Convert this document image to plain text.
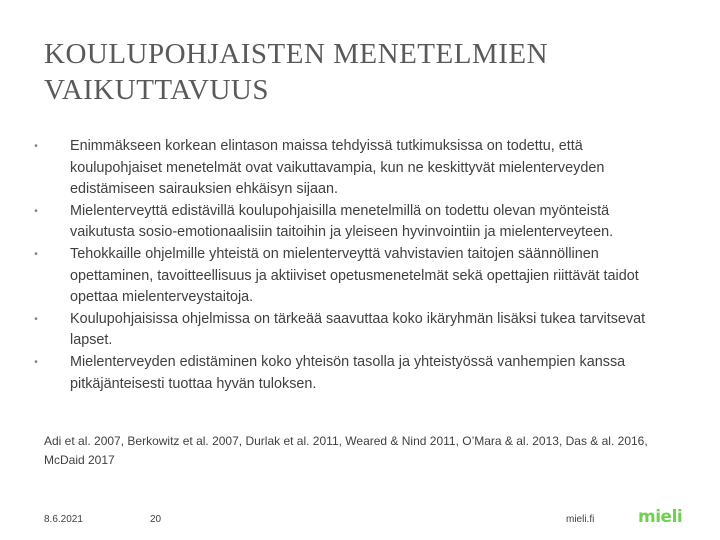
KOULUPOHJAISTEN MENETELMIEN
VAIKUTTAVUUS
• Enimmäkseen korkean elintason maissa tehdyissä tutkimuksissa on todettu, että koulupohjaiset menetelmät ovat vaikuttavampia, kun ne keskittyvät mielenterveyden edistämiseen sairauksien ehkäisyn sijaan.
• Mielenterveyttä edistävillä koulupohjaisilla menetelmillä on todettu olevan myönteistä vaikutusta sosio-emotionaalisiin taitoihin ja yleiseen hyvinvointiin ja mielenterveyteen.
• Tehokkaille ohjelmille yhteistä on mielenterveyttä vahvistavien taitojen säännöllinen opettaminen, tavoitteellisuus ja aktiiviset opetusmenetelmät sekä opettajien riittävät taidot opettaa mielenterveystaitoja.
• Koulupohjaisissa ohjelmissa on tärkeää saavuttaa koko ikäryhmän lisäksi tukea tarvitsevat lapset.
• Mielenterveyden edistäminen koko yhteisön tasolla ja yhteistyössä vanhempien kanssa pitkäjänteisesti tuottaa hyvän tuloksen.
Adi et al. 2007, Berkowitz et al. 2007, Durlak et al. 2011, Weared & Nind 2011, O’Mara & al. 2013, Das & al. 2016, McDaid 2017
8.6.2021	20	mieli.fi	mieli
